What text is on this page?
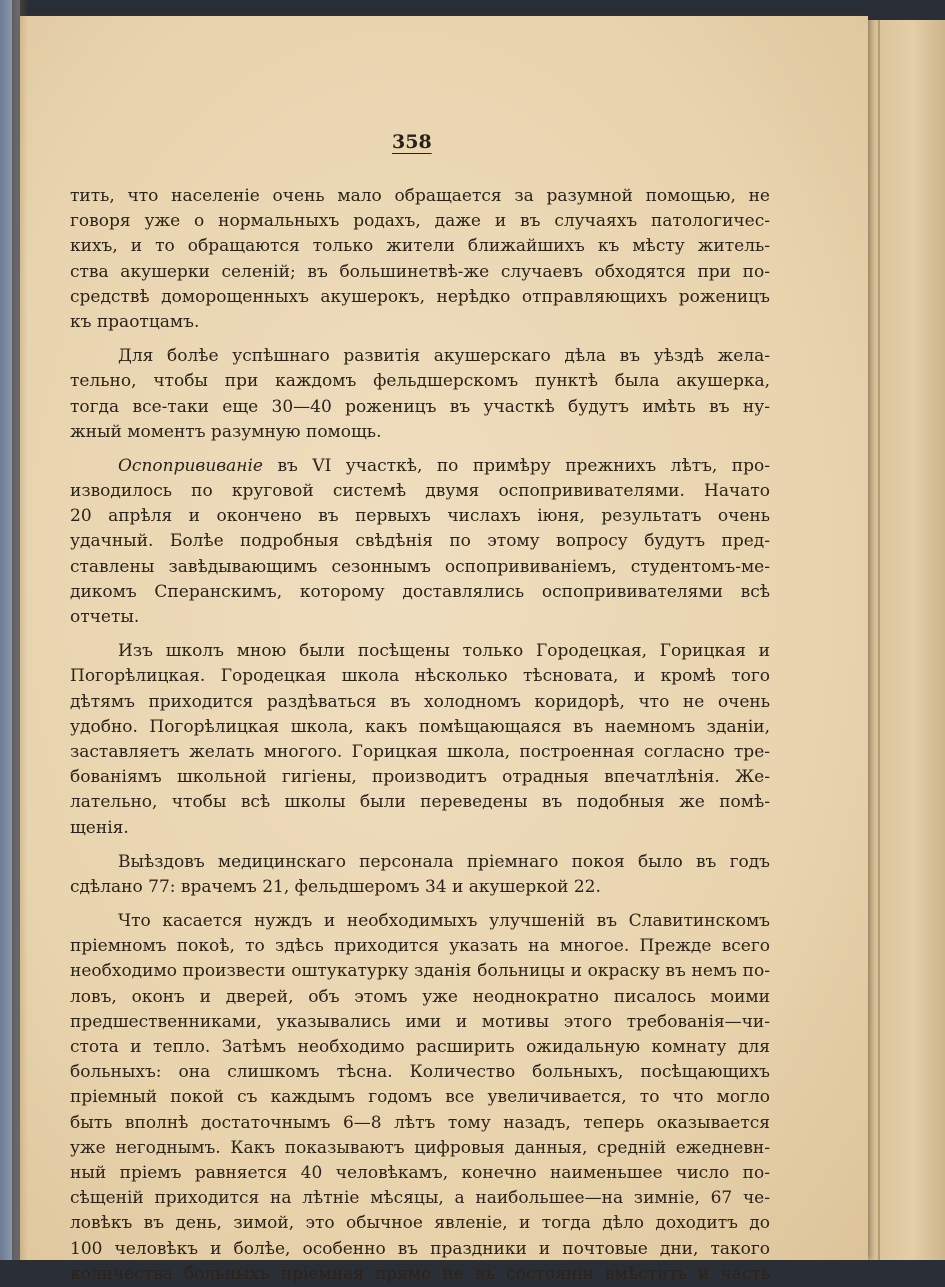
358
тить, что населеніе очень мало обращается за разумной помощью, не
говоря уже о нормальныхъ родахъ, даже и въ случаяхъ патологичес-
кихъ, и то обращаются только жители ближайшихъ къ мѣсту житель-
ства акушерки селеній; въ большинетвѣ-же случаевъ обходятся при по-
средствѣ доморощенныхъ акушерокъ, нерѣдко отправляющихъ роженицъ
къ праотцамъ.
Для болѣе успѣшнаго развитія акушерскаго дѣла въ уѣздѣ жела-
тельно, чтобы при каждомъ фельдшерскомъ пунктѣ была акушерка,
тогда все-таки еще 30—40 роженицъ въ участкѣ будутъ имѣть въ ну-
жный моментъ разумную помощь.
Оспопрививаніе въ VI участкѣ, по примѣру прежнихъ лѣтъ, про-
изводилось по круговой системѣ двумя оспопрививателями. Начато
20 апрѣля и окончено въ первыхъ числахъ іюня, результатъ очень
удачный. Болѣе подробныя свѣдѣнія по этому вопросу будутъ пред-
ставлены завѣдывающимъ сезоннымъ оспопрививаніемъ, студентомъ-ме-
дикомъ Сперанскимъ, которому доставлялись оспопрививателями всѣ
отчеты.
Изъ школъ мною были посѣщены только Городецкая, Горицкая и
Погорѣлицкая. Городецкая школа нѣсколько тѣсновата, и кромѣ того
дѣтямъ приходится раздѣваться въ холодномъ коридорѣ, что не очень
удобно. Погорѣлицкая школа, какъ помѣщающаяся въ наемномъ зданіи,
заставляетъ желать многого. Горицкая школа, построенная согласно тре-
бованіямъ школьной гигіены, производитъ отрадныя впечатлѣнія. Же-
лательно, чтобы всѣ школы были переведены въ подобныя же помѣ-
щенія.
Выѣздовъ медицинскаго персонала пріемнаго покоя было въ годъ
сдѣлано 77: врачемъ 21, фельдшеромъ 34 и акушеркой 22.
Что касается нуждъ и необходимыхъ улучшеній въ Славитинскомъ
пріемномъ покоѣ, то здѣсь приходится указать на многое. Прежде всего
необходимо произвести оштукатурку зданія больницы и окраску въ немъ по-
ловъ, оконъ и дверей, объ этомъ уже неоднократно писалось моими
предшественниками, указывались ими и мотивы этого требованія—чи-
стота и тепло. Затѣмъ необходимо расширить ожидальную комнату для
больныхъ: она слишкомъ тѣсна. Количество больныхъ, посѣщающихъ
пріемный покой съ каждымъ годомъ все увеличивается, то что могло
быть вполнѣ достаточнымъ 6—8 лѣтъ тому назадъ, теперь оказывается
уже негоднымъ. Какъ показываютъ цифровыя данныя, средній ежедневн-
ный пріемъ равняется 40 человѣкамъ, конечно наименьшее число по-
сѣщеній приходится на лѣтніе мѣсяцы, а наибольшее—на зимніе, 67 че-
ловѣкъ въ день, зимой, это обычное явленіе, и тогда дѣло доходитъ до
100 человѣкъ и болѣе, особенно въ праздники и почтовые дни, такого
количества больныхъ пріемная прямо не въ состояніи вмѣстить и часть
